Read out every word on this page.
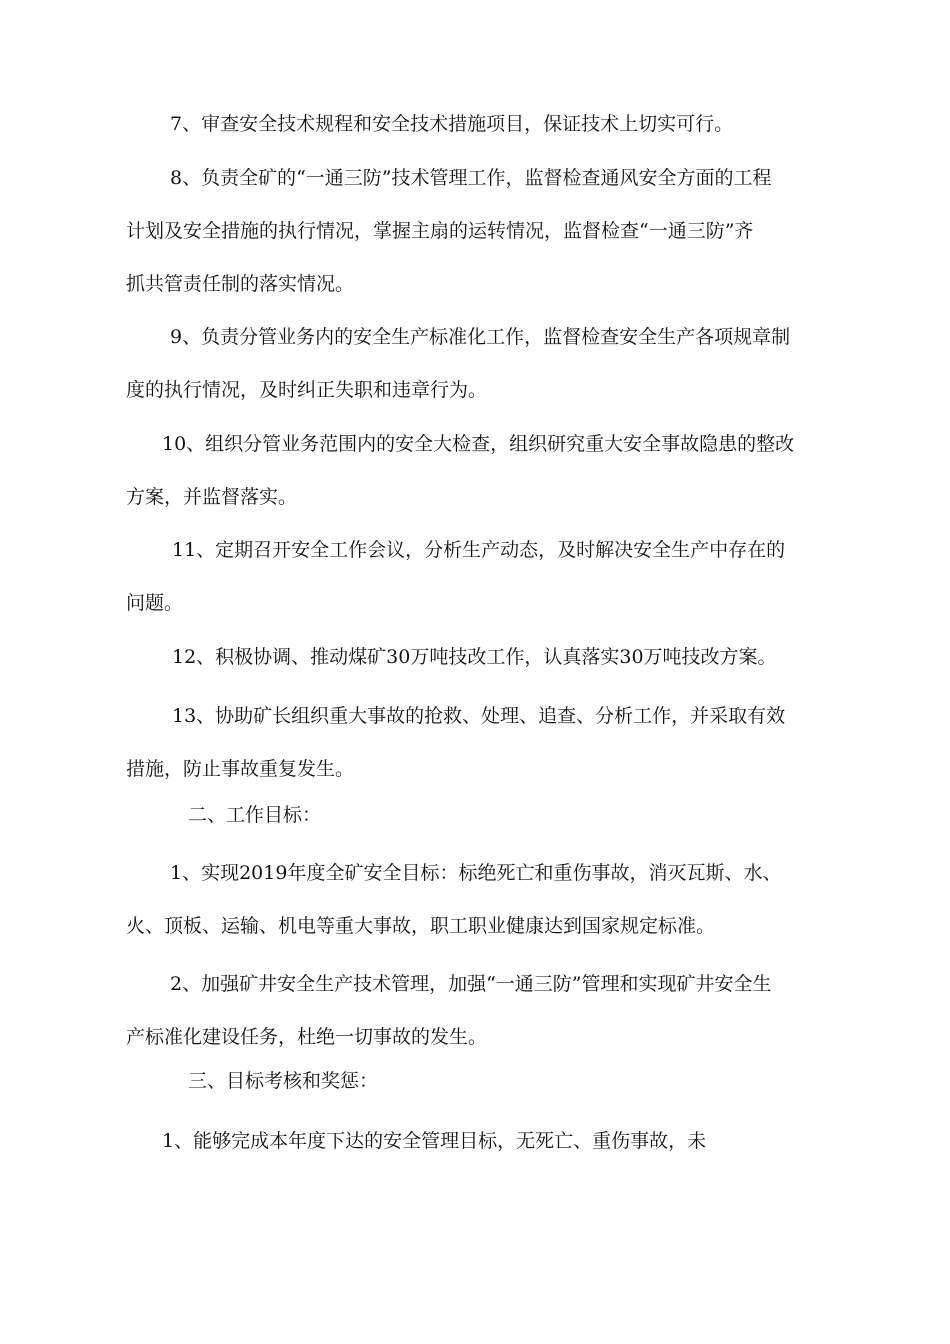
7、审查安全技术规程和安全技术措施项目，保证技术上切实可行。

8、负责全矿的“一通三防”技术管理工作，监督检查通风安全方面的工程
计划及安全措施的执行情况，掌握主扇的运转情况，监督检查“一通三防”齐
抓共管责任制的落实情况。

9、负责分管业务内的安全生产标准化工作，监督检查安全生产各项规章制
度的执行情况，及时纠正失职和违章行为。

10、组织分管业务范围内的安全大检查，组织研究重大安全事故隐患的整改
方案，并监督落实。

11、定期召开安全工作会议，分析生产动态，及时解决安全生产中存在的
问题。

12、积极协调、推动煤矿30万吨技改工作，认真落实30万吨技改方案。

13、协助矿长组织重大事故的抢救、处理、追查、分析工作，并采取有效
措施，防止事故重复发生。

二、工作目标：

1、实现2019年度全矿安全目标：标绝死亡和重伤事故，消灭瓦斯、水、
火、顶板、运输、机电等重大事故，职工职业健康达到国家规定标准。

2、加强矿井安全生产技术管理，加强“一通三防”管理和实现矿井安全生
产标准化建设任务，杜绝一切事故的发生。

三、目标考核和奖惩：

1、能够完成本年度下达的安全管理目标，无死亡、重伤事故，未
